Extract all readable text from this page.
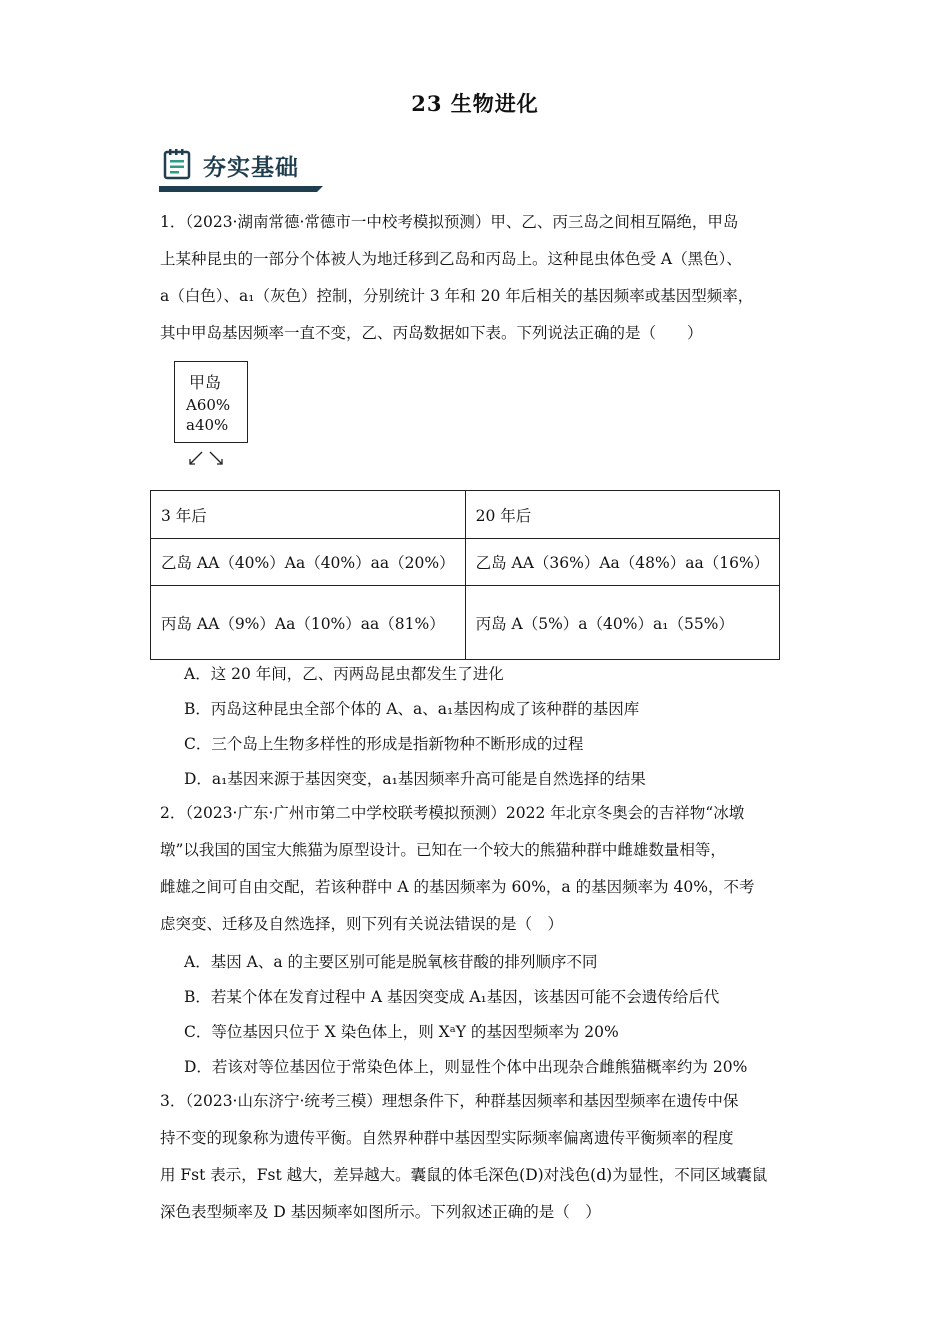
23 生物进化
夯实基础
1．（2023·湖南常德·常德市一中校考模拟预测）甲、乙、丙三岛之间相互隔绝，甲岛
上某种昆虫的一部分个体被人为地迁移到乙岛和丙岛上。这种昆虫体色受 A（黑色）、
a（白色）、a₁（灰色）控制，分别统计 3 年和 20 年后相关的基因频率或基因型频率，
其中甲岛基因频率一直不变，乙、丙岛数据如下表。下列说法正确的是（　　）
甲岛
A60%
a40%
3 年后	20 年后
乙岛 AA（40%）Aa（40%）aa（20%）	乙岛 AA（36%）Aa（48%）aa（16%）
丙岛 AA（9%）Aa（10%）aa（81%）	丙岛 A（5%）a（40%）a₁（55%）
A．这 20 年间，乙、丙两岛昆虫都发生了进化
B．丙岛这种昆虫全部个体的 A、a、a₁基因构成了该种群的基因库
C．三个岛上生物多样性的形成是指新物种不断形成的过程
D．a₁基因来源于基因突变，a₁基因频率升高可能是自然选择的结果
2．（2023·广东·广州市第二中学校联考模拟预测）2022 年北京冬奥会的吉祥物“冰墩
墩”以我国的国宝大熊猫为原型设计。已知在一个较大的熊猫种群中雌雄数量相等，
雌雄之间可自由交配，若该种群中 A 的基因频率为 60%，a 的基因频率为 40%，不考
虑突变、迁移及自然选择，则下列有关说法错误的是（　）
A．基因 A、a 的主要区别可能是脱氧核苷酸的排列顺序不同
B．若某个体在发育过程中 A 基因突变成 A₁基因，该基因可能不会遗传给后代
C．等位基因只位于 X 染色体上，则 XᵃY 的基因型频率为 20%
D．若该对等位基因位于常染色体上，则显性个体中出现杂合雌熊猫概率约为 20%
3．（2023·山东济宁·统考三模）理想条件下，种群基因频率和基因型频率在遗传中保
持不变的现象称为遗传平衡。自然界种群中基因型实际频率偏离遗传平衡频率的程度
用 Fst 表示，Fst 越大，差异越大。囊鼠的体毛深色(D)对浅色(d)为显性，不同区域囊鼠
深色表型频率及 D 基因频率如图所示。下列叙述正确的是（　）
